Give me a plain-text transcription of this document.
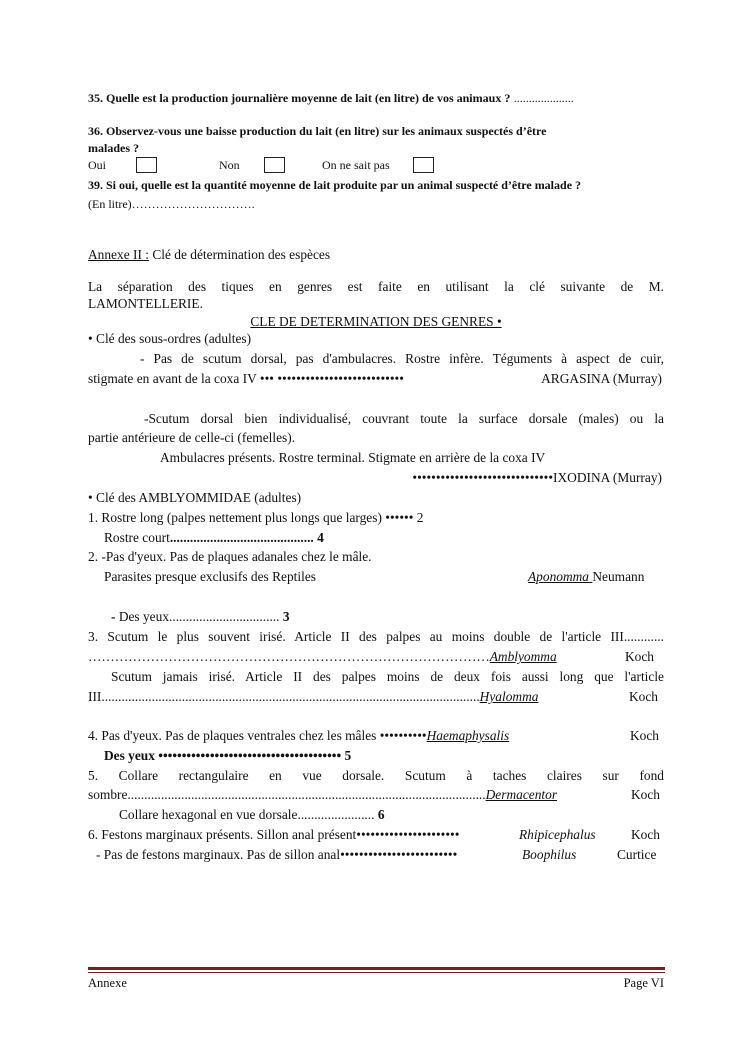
35. Quelle est la production journalière moyenne de lait (en litre) de vos animaux ? ....................
36. Observez-vous une baisse production du lait (en litre) sur les animaux suspectés d’être
malades ?
Oui	Non	On ne sait pas
39. Si oui, quelle est la quantité moyenne de lait produite par un animal suspecté d’être malade ?
(En litre)………………………….
Annexe II : Clé de détermination des espèces
La séparation des tiques en genres est faite en utilisant la clé suivante de M.
LAMONTELLERIE.
CLE DE DETERMINATION DES GENRES •
• Clé des sous-ordres (adultes)
- Pas de scutum dorsal, pas d'ambulacres. Rostre infère. Téguments à aspect de cuir,
stigmate en avant de la coxa IV ••• •••••••••••••••••••••••••••	ARGASINA (Murray)
-Scutum dorsal bien individualisé, couvrant toute la surface dorsale (males) ou la
partie antérieure de celle-ci (femelles).
Ambulacres présents. Rostre terminal. Stigmate en arrière de la coxa IV
••••••••••••••••••••••••••••••IXODINA (Murray)
• Clé des AMBLYOMMIDAE (adultes)
1. Rostre long (palpes nettement plus longs que larges) •••••• 2
Rostre court........................................... 4
2. -Pas d'yeux. Pas de plaques adanales chez le mâle.
Parasites presque exclusifs des Reptiles	Aponomma Neumann
- Des yeux................................. 3
3. Scutum le plus souvent irisé. Article II des palpes au moins double de l'article III............
………………………………………………………………………………Amblyomma	Koch
Scutum jamais irisé. Article II des palpes moins de deux fois aussi long que l'article
III.................................................................................................................Hyalomma	Koch
4. Pas d'yeux. Pas de plaques ventrales chez les mâles ••••••••••Haemaphysalis	Koch
Des yeux ••••••••••••••••••••••••••••••••••••••• 5
5. Collare rectangulaire en vue dorsale. Scutum à taches claires sur fond
sombre...........................................................................................................Dermacentor	Koch
Collare hexagonal en vue dorsale....................... 6
6. Festons marginaux présents. Sillon anal présent••••••••••••••••••••••	Rhipicephalus	Koch
- Pas de festons marginaux. Pas de sillon anal•••••••••••••••••••••••••	Boophilus	Curtice
Annexe	Page VI
